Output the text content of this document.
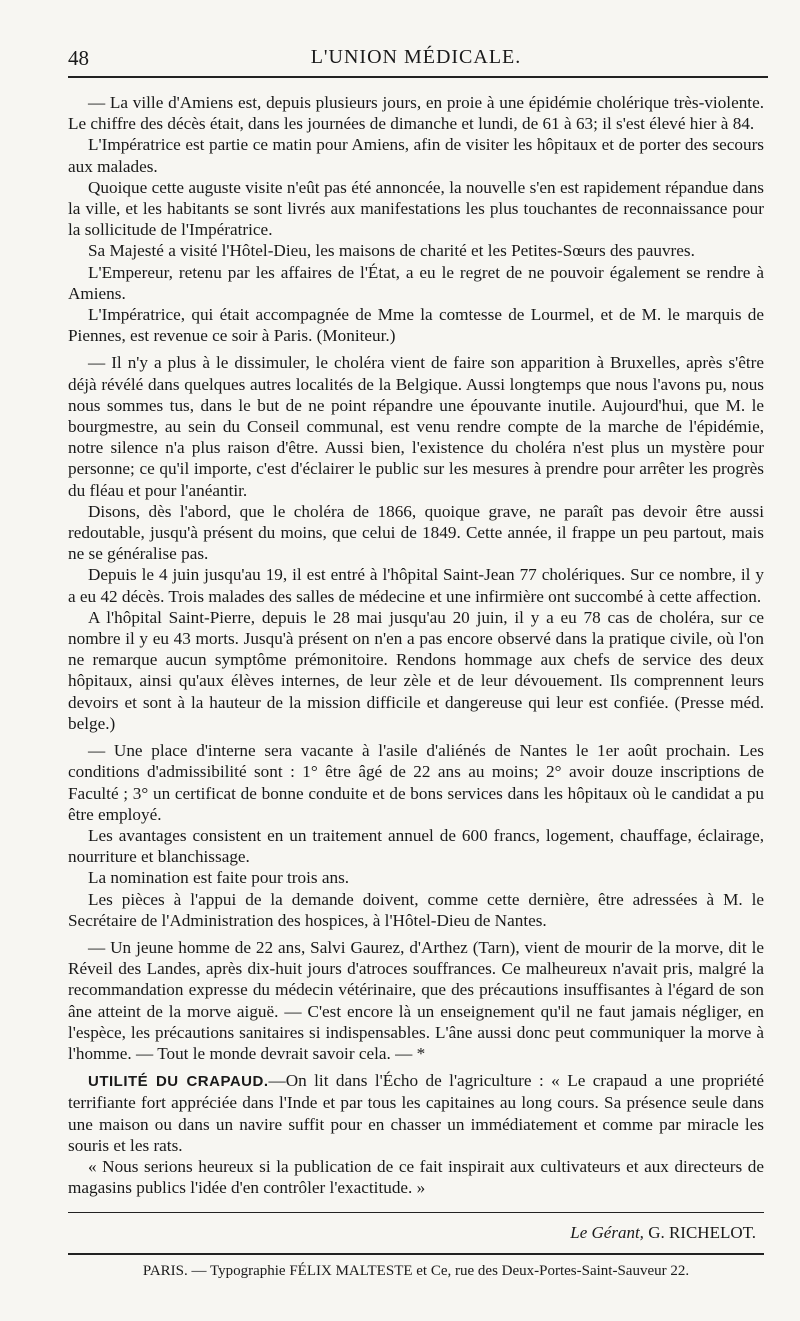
48	L'UNION MÉDICALE.

— La ville d'Amiens est, depuis plusieurs jours, en proie à une épidémie cholérique très-violente. Le chiffre des décès était, dans les journées de dimanche et lundi, de 61 à 63; il s'est élevé hier à 84.

L'Impératrice est partie ce matin pour Amiens, afin de visiter les hôpitaux et de porter des secours aux malades.

Quoique cette auguste visite n'eût pas été annoncée, la nouvelle s'en est rapidement répandue dans la ville, et les habitants se sont livrés aux manifestations les plus touchantes de reconnaissance pour la sollicitude de l'Impératrice.

Sa Majesté a visité l'Hôtel-Dieu, les maisons de charité et les Petites-Sœurs des pauvres.

L'Empereur, retenu par les affaires de l'État, a eu le regret de ne pouvoir également se rendre à Amiens.

L'Impératrice, qui était accompagnée de Mme la comtesse de Lourmel, et de M. le marquis de Piennes, est revenue ce soir à Paris. (Moniteur.)

— Il n'y a plus à le dissimuler, le choléra vient de faire son apparition à Bruxelles, après s'être déjà révélé dans quelques autres localités de la Belgique. Aussi longtemps que nous l'avons pu, nous nous sommes tus, dans le but de ne point répandre une épouvante inutile. Aujourd'hui, que M. le bourgmestre, au sein du Conseil communal, est venu rendre compte de la marche de l'épidémie, notre silence n'a plus raison d'être. Aussi bien, l'existence du choléra n'est plus un mystère pour personne; ce qu'il importe, c'est d'éclairer le public sur les mesures à prendre pour arrêter les progrès du fléau et pour l'anéantir.

Disons, dès l'abord, que le choléra de 1866, quoique grave, ne paraît pas devoir être aussi redoutable, jusqu'à présent du moins, que celui de 1849. Cette année, il frappe un peu partout, mais ne se généralise pas.

Depuis le 4 juin jusqu'au 19, il est entré à l'hôpital Saint-Jean 77 cholériques. Sur ce nombre, il y a eu 42 décès. Trois malades des salles de médecine et une infirmière ont succombé à cette affection.

A l'hôpital Saint-Pierre, depuis le 28 mai jusqu'au 20 juin, il y a eu 78 cas de choléra, sur ce nombre il y eu 43 morts. Jusqu'à présent on n'en a pas encore observé dans la pratique civile, où l'on ne remarque aucun symptôme prémonitoire. Rendons hommage aux chefs de service des deux hôpitaux, ainsi qu'aux élèves internes, de leur zèle et de leur dévouement. Ils comprennent leurs devoirs et sont à la hauteur de la mission difficile et dangereuse qui leur est confiée. (Presse méd. belge.)

— Une place d'interne sera vacante à l'asile d'aliénés de Nantes le 1er août prochain. Les conditions d'admissibilité sont : 1° être âgé de 22 ans au moins; 2° avoir douze inscriptions de Faculté ; 3° un certificat de bonne conduite et de bons services dans les hôpitaux où le candidat a pu être employé.

Les avantages consistent en un traitement annuel de 600 francs, logement, chauffage, éclairage, nourriture et blanchissage.

La nomination est faite pour trois ans.

Les pièces à l'appui de la demande doivent, comme cette dernière, être adressées à M. le Secrétaire de l'Administration des hospices, à l'Hôtel-Dieu de Nantes.

— Un jeune homme de 22 ans, Salvi Gaurez, d'Arthez (Tarn), vient de mourir de la morve, dit le Réveil des Landes, après dix-huit jours d'atroces souffrances. Ce malheureux n'avait pris, malgré la recommandation expresse du médecin vétérinaire, que des précautions insuffisantes à l'égard de son âne atteint de la morve aiguë. — C'est encore là un enseignement qu'il ne faut jamais négliger, en l'espèce, les précautions sanitaires si indispensables. L'âne aussi donc peut communiquer la morve à l'homme. — Tout le monde devrait savoir cela. — *

UTILITÉ DU CRAPAUD.—On lit dans l'Écho de l'agriculture : « Le crapaud a une propriété terrifiante fort appréciée dans l'Inde et par tous les capitaines au long cours. Sa présence seule dans une maison ou dans un navire suffit pour en chasser un immédiatement et comme par miracle les souris et les rats.

« Nous serions heureux si la publication de ce fait inspirait aux cultivateurs et aux directeurs de magasins publics l'idée d'en contrôler l'exactitude. »

Le Gérant, G. RICHELOT.
PARIS. — Typographie FÉLIX MALTESTE et Ce, rue des Deux-Portes-Saint-Sauveur 22.
